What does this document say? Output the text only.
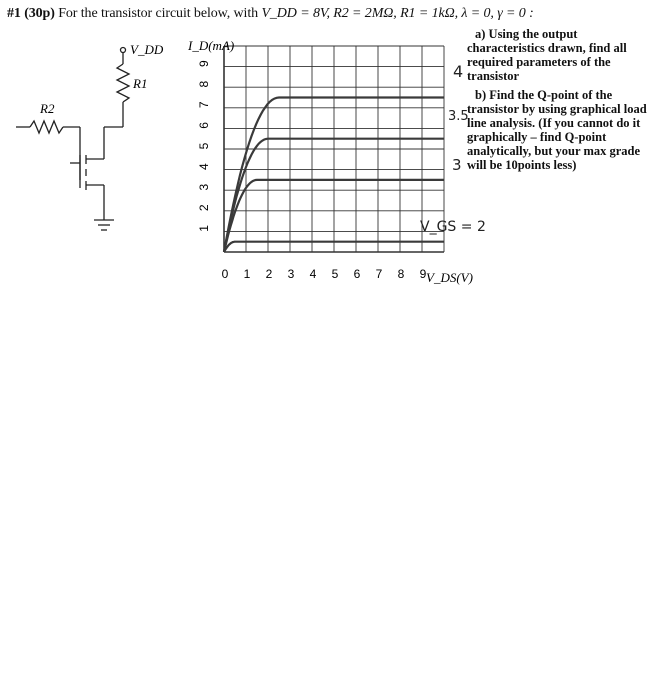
#1 (30p) For the transistor circuit below, with V_DD = 8V, R2 = 2MΩ, R1 = 1kΩ, λ = 0, γ = 0 :
V_DD
R1
R2
0 1 2 3 4 5 6 7 8 9
1
2
3
4
5
6
7
8
9
I_D(mA)
V_DS(V)
4
3.5
3
V_GS = 2
a) Using the output
characteristics drawn, find all required parameters of the transistor
b) Find the Q-point of the
transistor by using graphical load line analysis. (If you cannot do it graphically – find Q-point analytically, but your max grade will be 10points less)
